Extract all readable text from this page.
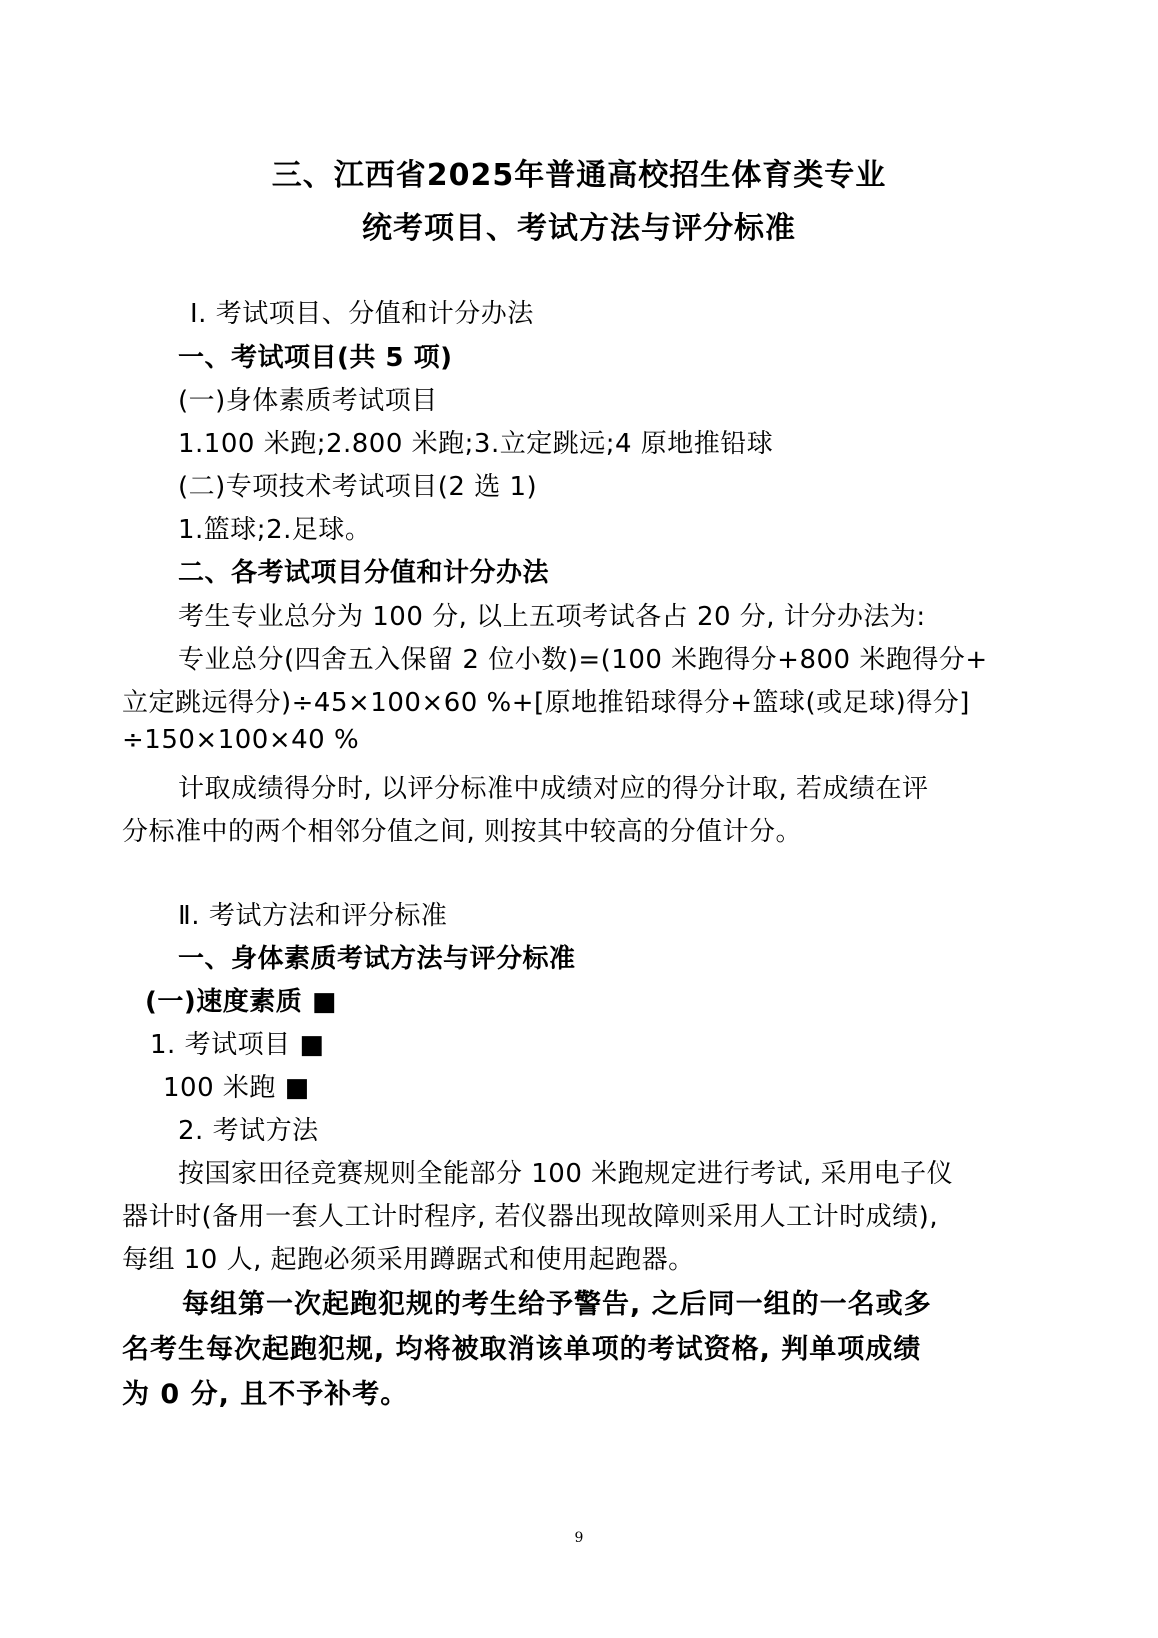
三、江西省2025年普通高校招生体育类专业
统考项目、考试方法与评分标准
Ⅰ. 考试项目、分值和计分办法
一、考试项目(共 5 项)
(一)身体素质考试项目
1.100 米跑;2.800 米跑;3.立定跳远;4 原地推铅球
(二)专项技术考试项目(2 选 1)
1.篮球;2.足球。
二、各考试项目分值和计分办法
考生专业总分为 100 分, 以上五项考试各占 20 分, 计分办法为:
专业总分(四舍五入保留 2 位小数)=(100 米跑得分+800 米跑得分+
立定跳远得分)÷45×100×60 %+[原地推铅球得分+篮球(或足球)得分]
÷150×100×40 %
计取成绩得分时, 以评分标准中成绩对应的得分计取, 若成绩在评
分标准中的两个相邻分值之间, 则按其中较高的分值计分。
Ⅱ. 考试方法和评分标准
一、身体素质考试方法与评分标准
(一)速度素质 ■
1. 考试项目 ■
100 米跑 ■
2. 考试方法
按国家田径竞赛规则全能部分 100 米跑规定进行考试, 采用电子仪
器计时(备用一套人工计时程序, 若仪器出现故障则采用人工计时成绩),
每组 10 人, 起跑必须采用蹲踞式和使用起跑器。
每组第一次起跑犯规的考生给予警告, 之后同一组的一名或多
名考生每次起跑犯规, 均将被取消该单项的考试资格, 判单项成绩
为 0 分, 且不予补考。
9
